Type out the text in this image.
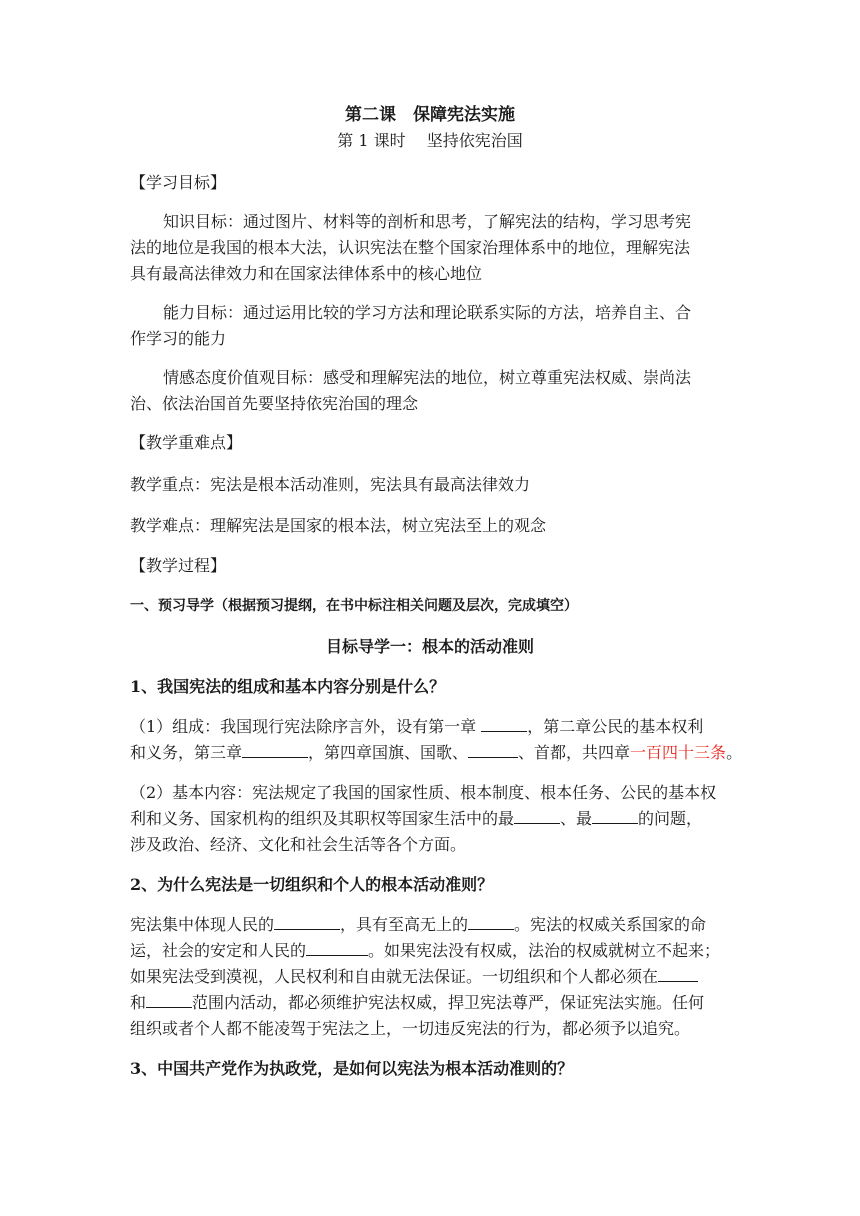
第二课　保障宪法实施
第 1 课时　 坚持依宪治国
【学习目标】
知识目标：通过图片、材料等的剖析和思考，了解宪法的结构，学习思考宪
法的地位是我国的根本大法，认识宪法在整个国家治理体系中的地位，理解宪法
具有最高法律效力和在国家法律体系中的核心地位
能力目标：通过运用比较的学习方法和理论联系实际的方法，培养自主、合
作学习的能力
情感态度价值观目标：感受和理解宪法的地位，树立尊重宪法权威、崇尚法
治、依法治国首先要坚持依宪治国的理念
【教学重难点】
教学重点：宪法是根本活动准则，宪法具有最高法律效力
教学难点：理解宪法是国家的根本法，树立宪法至上的观念
【教学过程】
一、预习导学（根据预习提纲，在书中标注相关问题及层次，完成填空）
目标导学一：根本的活动准则
1、我国宪法的组成和基本内容分别是什么？
（1）组成：我国现行宪法除序言外，设有第一章	，第二章公民的基本权利
和义务，第三章	，第四章国旗、国歌、	、首都，共四章一百四十三条。
（2）基本内容：宪法规定了我国的国家性质、根本制度、根本任务、公民的基本权
利和义务、国家机构的组织及其职权等国家生活中的最	、最	的问题，
涉及政治、经济、文化和社会生活等各个方面。
2、为什么宪法是一切组织和个人的根本活动准则？
宪法集中体现人民的	，具有至高无上的	。宪法的权威关系国家的命
运，社会的安定和人民的	。如果宪法没有权威，法治的权威就树立不起来；
如果宪法受到漠视，人民权利和自由就无法保证。一切组织和个人都必须在
和	范围内活动，都必须维护宪法权威，捍卫宪法尊严，保证宪法实施。任何
组织或者个人都不能凌驾于宪法之上，一切违反宪法的行为，都必须予以追究。
3、中国共产党作为执政党，是如何以宪法为根本活动准则的？
